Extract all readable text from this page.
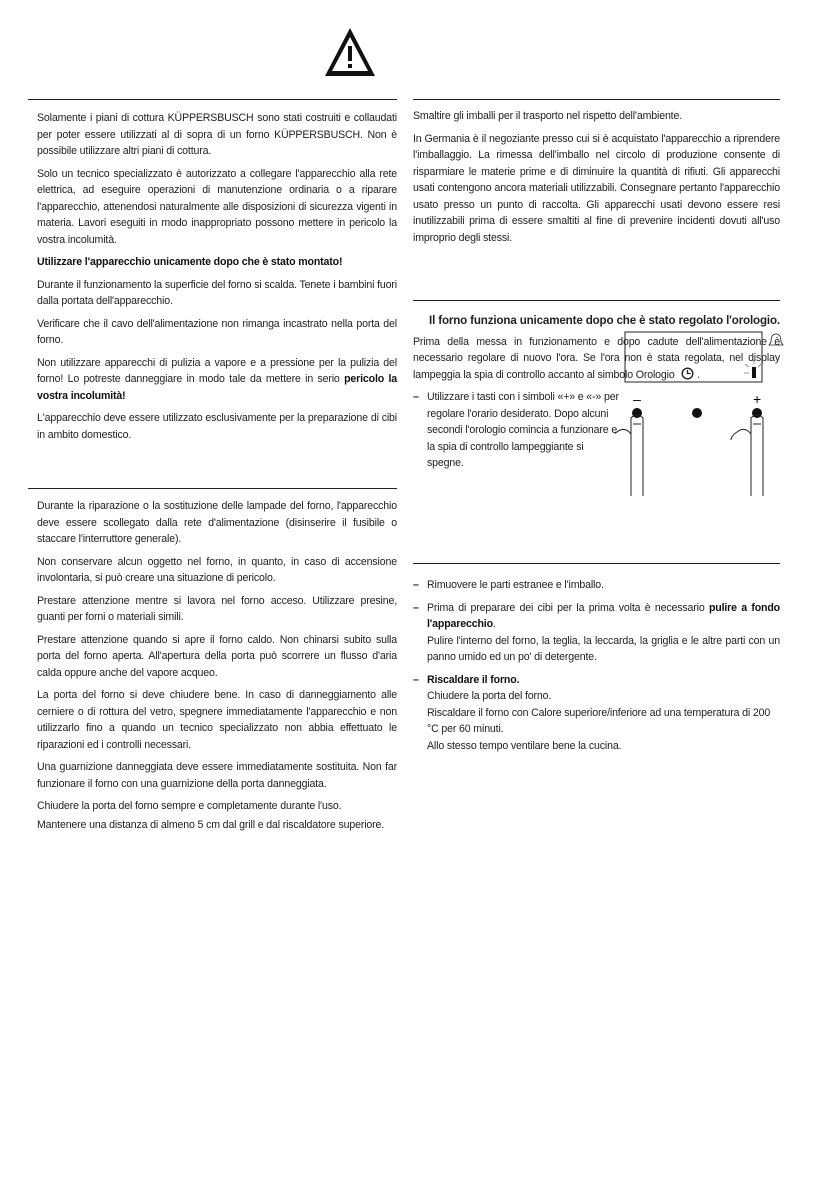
Solamente i piani di cottura KÜPPERSBUSCH sono stati costruiti e collaudati per poter essere utilizzati al di sopra di un forno KÜPPERSBUSCH. Non è possibile utilizzare altri piani di cottura.

Solo un tecnico specializzato è autorizzato a collegare l'apparecchio alla rete elettrica, ad eseguire operazioni di manutenzione ordinaria o a riparare l'apparecchio, attenendosi naturalmente alle disposizioni di sicurezza vigenti in materia. Lavori eseguiti in modo inappropriato possono mettere in pericolo la vostra incolumità.

Utilizzare l'apparecchio unicamente dopo che è stato montato!

Durante il funzionamento la superficie del forno si scalda. Tenete i bambini fuori dalla portata dell'apparecchio.

Verificare che il cavo dell'alimentazione non rimanga incastrato nella porta del forno.

Non utilizzare apparecchi di pulizia a vapore e a pressione per la pulizia del forno! Lo potreste danneggiare in modo tale da mettere in serio pericolo la vostra incolumità!

L'apparecchio deve essere utilizzato esclusivamente per la preparazione di cibi in ambito domestico.

Durante la riparazione o la sostituzione delle lampade del forno, l'apparecchio deve essere scollegato dalla rete d'alimentazione (disinserire il fusibile o staccare l'interruttore generale).

Non conservare alcun oggetto nel forno, in quanto, in caso di accensione involontaria, si può creare una situazione di pericolo.

Prestare attenzione mentre si lavora nel forno acceso. Utilizzare presine, guanti per forni o materiali simili.

Prestare attenzione quando si apre il forno caldo. Non chinarsi subito sulla porta del forno aperta. All'apertura della porta può scorrere un flusso d'aria calda oppure anche del vapore acqueo.

La porta del forno si deve chiudere bene. In caso di danneggiamento alle cerniere o di rottura del vetro, spegnere immediatamente l'apparecchio e non utilizzarlo fino a quando un tecnico specializzato non abbia effettuato le riparazioni ed i controlli necessari.

Una guarnizione danneggiata deve essere immediatamente sostituita. Non far funzionare il forno con una guarnizione della porta danneggiata.

Chiudere la porta del forno sempre e completamente durante l'uso.

Mantenere una distanza di almeno 5 cm dal grill e dal riscaldatore superiore.

Smaltire gli imballi per il trasporto nel rispetto dell'ambiente.

In Germania è il negoziante presso cui si è acquistato l'apparecchio a riprendere l'imballaggio. La rimessa dell'imballo nel circolo di produzione consente di risparmiare le materie prime e di diminuire la quantità di rifiuti. Gli apparecchi usati contengono ancora materiali utilizzabili. Consegnare pertanto l'apparecchio usato presso un punto di raccolta. Gli apparecchi usati devono essere resi inutilizzabili prima di essere smaltiti al fine di prevenire incidenti dovuti all'uso improprio degli stessi.

Il forno funziona unicamente dopo che è stato regolato l'orologio.

Prima della messa in funzionamento e dopo cadute dell'alimentazione è necessario regolare di nuovo l'ora. Se l'ora non è stata regolata, nel display lampeggia la spia di controllo accanto al simbolo Orologio  .

– Utilizzare i tasti con i simboli «+» e «-» per regolare l'orario desiderato. Dopo alcuni secondi l'orologio comincia a funzionare e la spia di controllo lampeggiante si spegne.
–	+
– Rimuovere le parti estranee e l'imballo.
– Prima di preparare dei cibi per la prima volta è necessario pulire a fondo l'apparecchio.
Pulire l'interno del forno, la teglia, la leccarda, la griglia e le altre parti con un panno umido ed un po' di detergente.
– Riscaldare il forno.
Chiudere la porta del forno.
Riscaldare il forno con Calore superiore/inferiore ad una temperatura di 200 °C per 60 minuti.
Allo stesso tempo ventilare bene la cucina.
